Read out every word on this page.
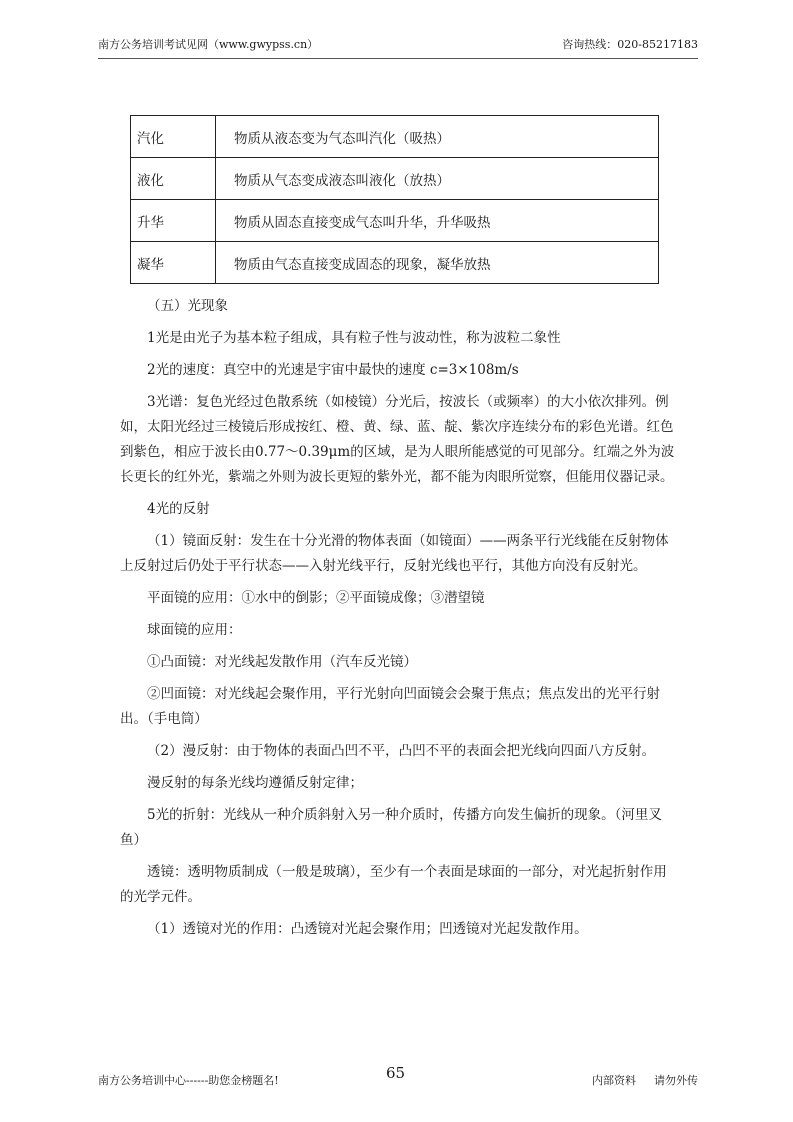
南方公务培训考试见网（www.gwypss.cn）	咨询热线：020-85217183
汽化	物质从液态变为气态叫汽化（吸热）
液化	物质从气态变成液态叫液化（放热）
升华	物质从固态直接变成气态叫升华，升华吸热
凝华	物质由气态直接变成固态的现象，凝华放热

（五）光现象

1光是由光子为基本粒子组成，具有粒子性与波动性，称为波粒二象性

2光的速度：真空中的光速是宇宙中最快的速度 c=3×108m/s

3光谱：复色光经过色散系统（如棱镜）分光后，按波长（或频率）的大小依次排列。例如，太阳光经过三棱镜后形成按红、橙、黄、绿、蓝、靛、紫次序连续分布的彩色光谱。红色到紫色，相应于波长由0.77～0.39μm的区域，是为人眼所能感觉的可见部分。红端之外为波长更长的红外光，紫端之外则为波长更短的紫外光，都不能为肉眼所觉察，但能用仪器记录。

4光的反射

（1）镜面反射：发生在十分光滑的物体表面（如镜面）——两条平行光线能在反射物体上反射过后仍处于平行状态——入射光线平行，反射光线也平行，其他方向没有反射光。

平面镜的应用：①水中的倒影；②平面镜成像；③潜望镜

球面镜的应用：

①凸面镜：对光线起发散作用（汽车反光镜）

②凹面镜：对光线起会聚作用，平行光射向凹面镜会会聚于焦点；焦点发出的光平行射出。（手电筒）

（2）漫反射：由于物体的表面凸凹不平，凸凹不平的表面会把光线向四面八方反射。

漫反射的每条光线均遵循反射定律；

5光的折射：光线从一种介质斜射入另一种介质时，传播方向发生偏折的现象。（河里叉鱼）

透镜：透明物质制成（一般是玻璃），至少有一个表面是球面的一部分，对光起折射作用的光学元件。

（1）透镜对光的作用：凸透镜对光起会聚作用；凹透镜对光起发散作用。

南方公务培训中心------助您金榜题名!	65	内部资料 请勿外传
